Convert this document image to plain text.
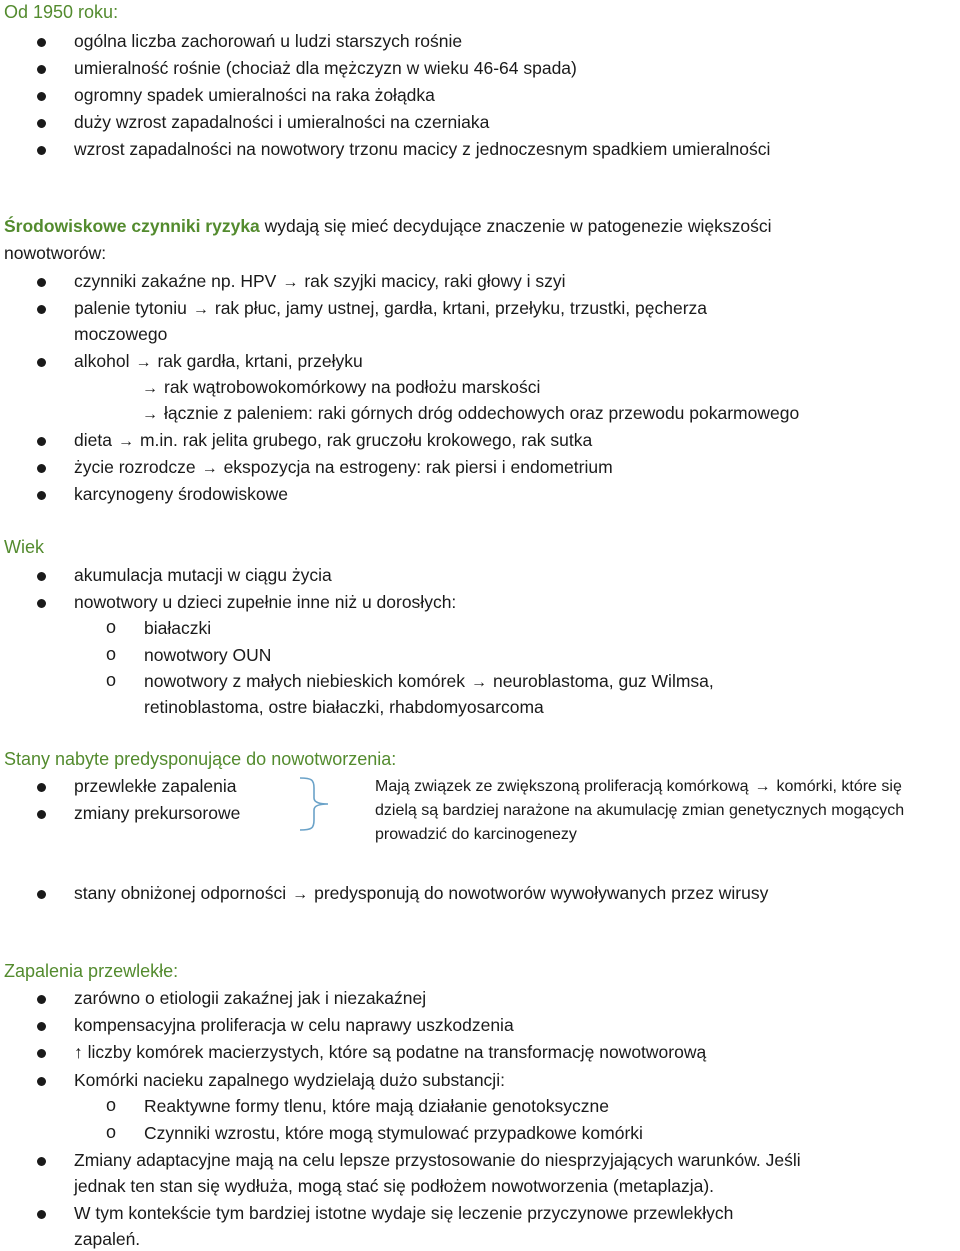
Od 1950 roku:
ogólna liczba zachorowań u ludzi starszych rośnie
umieralność rośnie (chociaż dla mężczyzn w wieku 46-64 spada)
ogromny spadek umieralności na raka żołądka
duży wzrost zapadalności i umieralności na czerniaka
wzrost zapadalności na nowotwory trzonu macicy z jednoczesnym spadkiem umieralności
Środowiskowe czynniki ryzyka wydają się mieć decydujące znaczenie w patogenezie większości
nowotworów:
czynniki zakaźne np. HPV → rak szyjki macicy, raki głowy i szyi
palenie tytoniu → rak płuc, jamy ustnej, gardła, krtani, przełyku, trzustki, pęcherza
moczowego
alkohol → rak gardła, krtani, przełyku
→ rak wątrobowokomórkowy na podłożu marskości
→ łącznie z paleniem: raki górnych dróg oddechowych oraz przewodu pokarmowego
dieta → m.in. rak jelita grubego, rak gruczołu krokowego, rak sutka
życie rozrodcze → ekspozycja na estrogeny: rak piersi i endometrium
karcynogeny środowiskowe
Wiek
akumulacja mutacji w ciągu życia
nowotwory u dzieci zupełnie inne niż u dorosłych:
o białaczki
o nowotwory OUN
o nowotwory z małych niebieskich komórek → neuroblastoma, guz Wilmsa,
retinoblastoma, ostre białaczki, rhabdomyosarcoma
Stany nabyte predysponujące do nowotworzenia:
przewlekłe zapalenia
zmiany prekursorowe
Mają związek ze zwiększoną proliferacją komórkową → komórki, które się
dzielą są bardziej narażone na akumulację zmian genetycznych mogących
prowadzić do karcinogenezy
stany obniżonej odporności → predysponują do nowotworów wywoływanych przez wirusy
Zapalenia przewlekłe:
zarówno o etiologii zakaźnej jak i niezakaźnej
kompensacyjna proliferacja w celu naprawy uszkodzenia
↑ liczby komórek macierzystych, które są podatne na transformację nowotworową
Komórki nacieku zapalnego wydzielają dużo substancji:
o Reaktywne formy tlenu, które mają działanie genotoksyczne
o Czynniki wzrostu, które mogą stymulować przypadkowe komórki
Zmiany adaptacyjne mają na celu lepsze przystosowanie do niesprzyjających warunków. Jeśli
jednak ten stan się wydłuża, mogą stać się podłożem nowotworzenia (metaplazja).
W tym kontekście tym bardziej istotne wydaje się leczenie przyczynowe przewlekłych
zapaleń.
